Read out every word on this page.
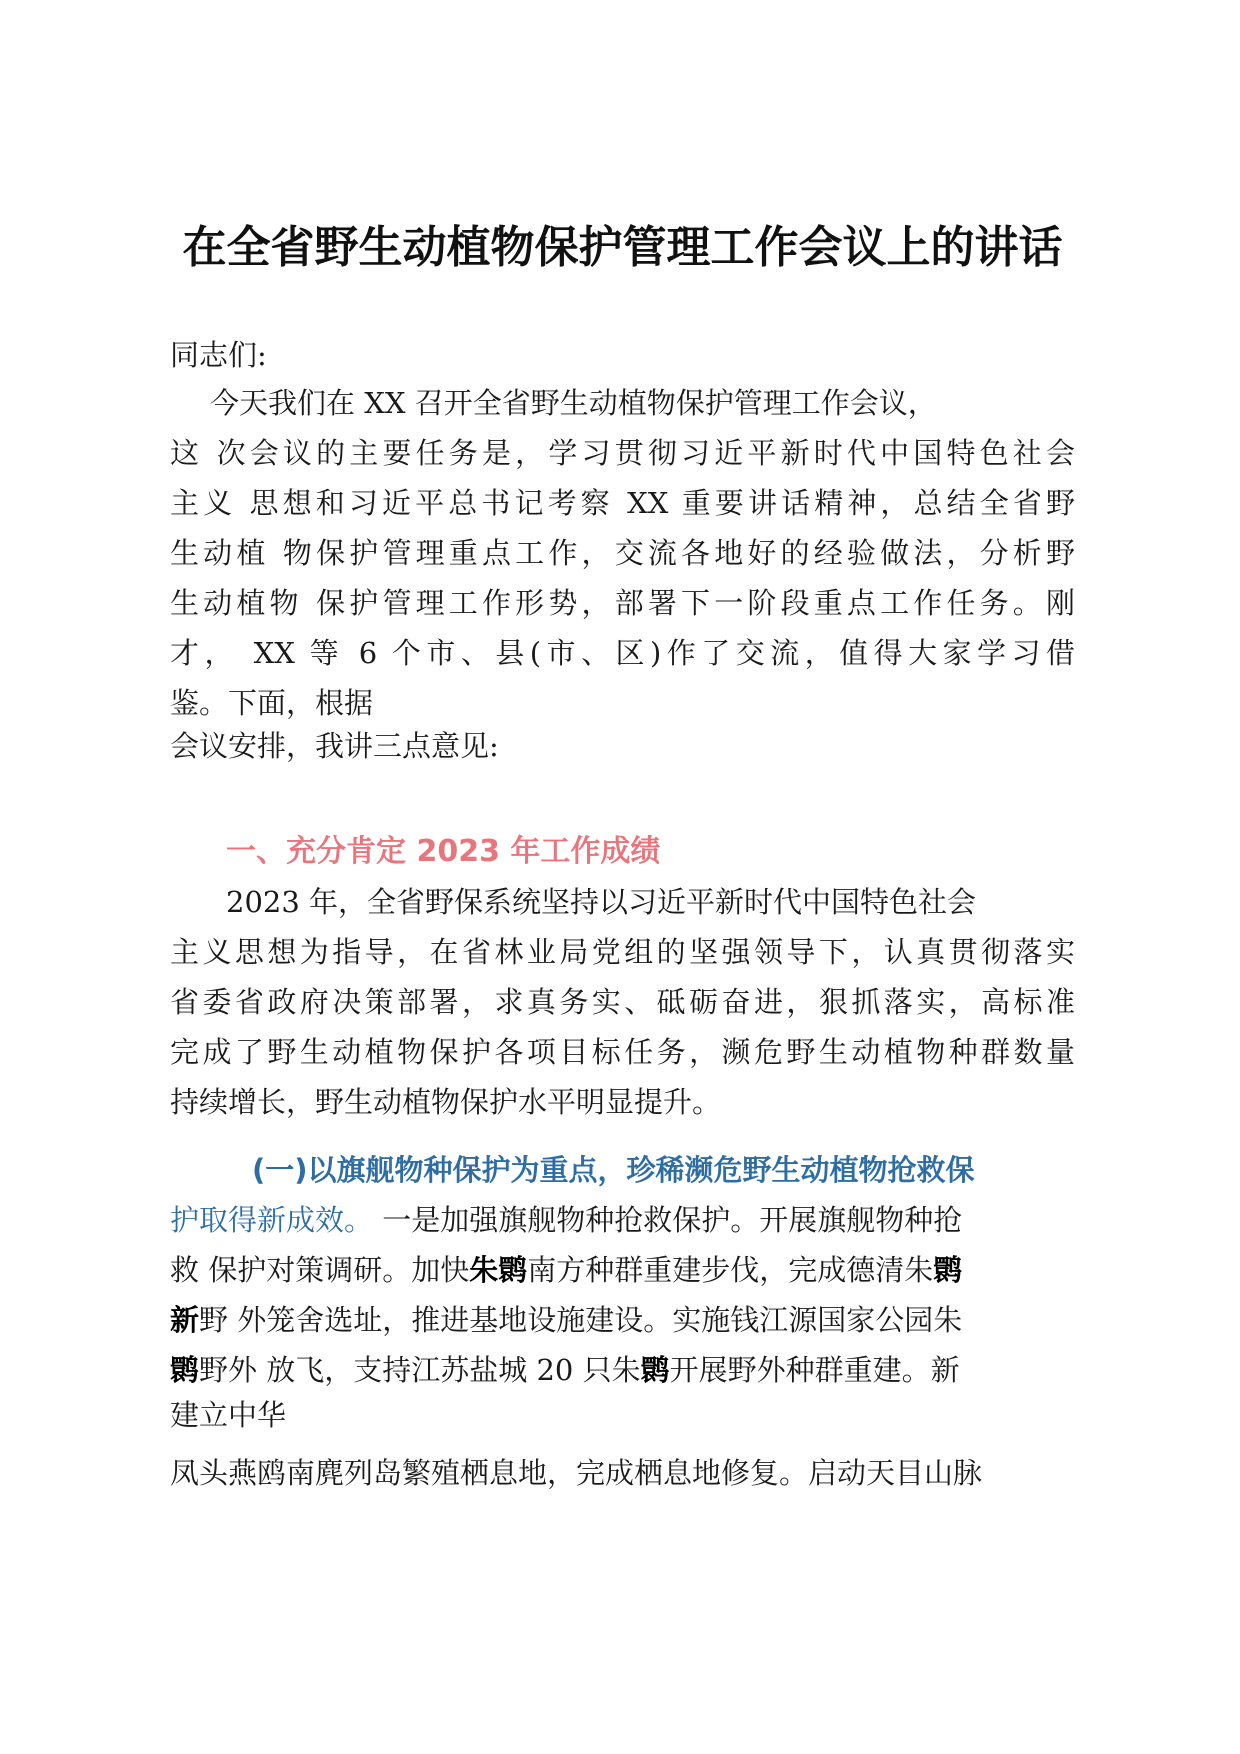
在全省野生动植物保护管理工作会议上的讲话
同志们:
今天我们在 XX 召开全省野生动植物保护管理工作会议，
这 次会议的主要任务是，学习贯彻习近平新时代中国特色社会
主义 思想和习近平总书记考察 XX 重要讲话精神，总结全省野
生动植 物保护管理重点工作，交流各地好的经验做法，分析野
生动植物 保护管理工作形势，部署下一阶段重点工作任务。刚
才， XX 等 6 个市、县(市、区)作了交流，值得大家学习借
鉴。下面，根据
会议安排，我讲三点意见:
一、充分肯定 2023 年工作成绩
2023 年，全省野保系统坚持以习近平新时代中国特色社会
主义思想为指导，在省林业局党组的坚强领导下，认真贯彻落实
省委省政府决策部署，求真务实、砥砺奋进，狠抓落实，高标准
完成了野生动植物保护各项目标任务，濒危野生动植物种群数量
持续增长，野生动植物保护水平明显提升。
(一)以旗舰物种保护为重点，珍稀濒危野生动植物抢救保
护取得新成效。 一是加强旗舰物种抢救保护。开展旗舰物种抢
救 保护对策调研。加快朱鹮南方种群重建步伐，完成德清朱鹮
新野 外笼舍选址，推进基地设施建设。实施钱江源国家公园朱
鹮野外 放飞，支持江苏盐城 20 只朱鹮开展野外种群重建。新
建立中华
凤头燕鸥南麂列岛繁殖栖息地，完成栖息地修复。启动天目山脉
